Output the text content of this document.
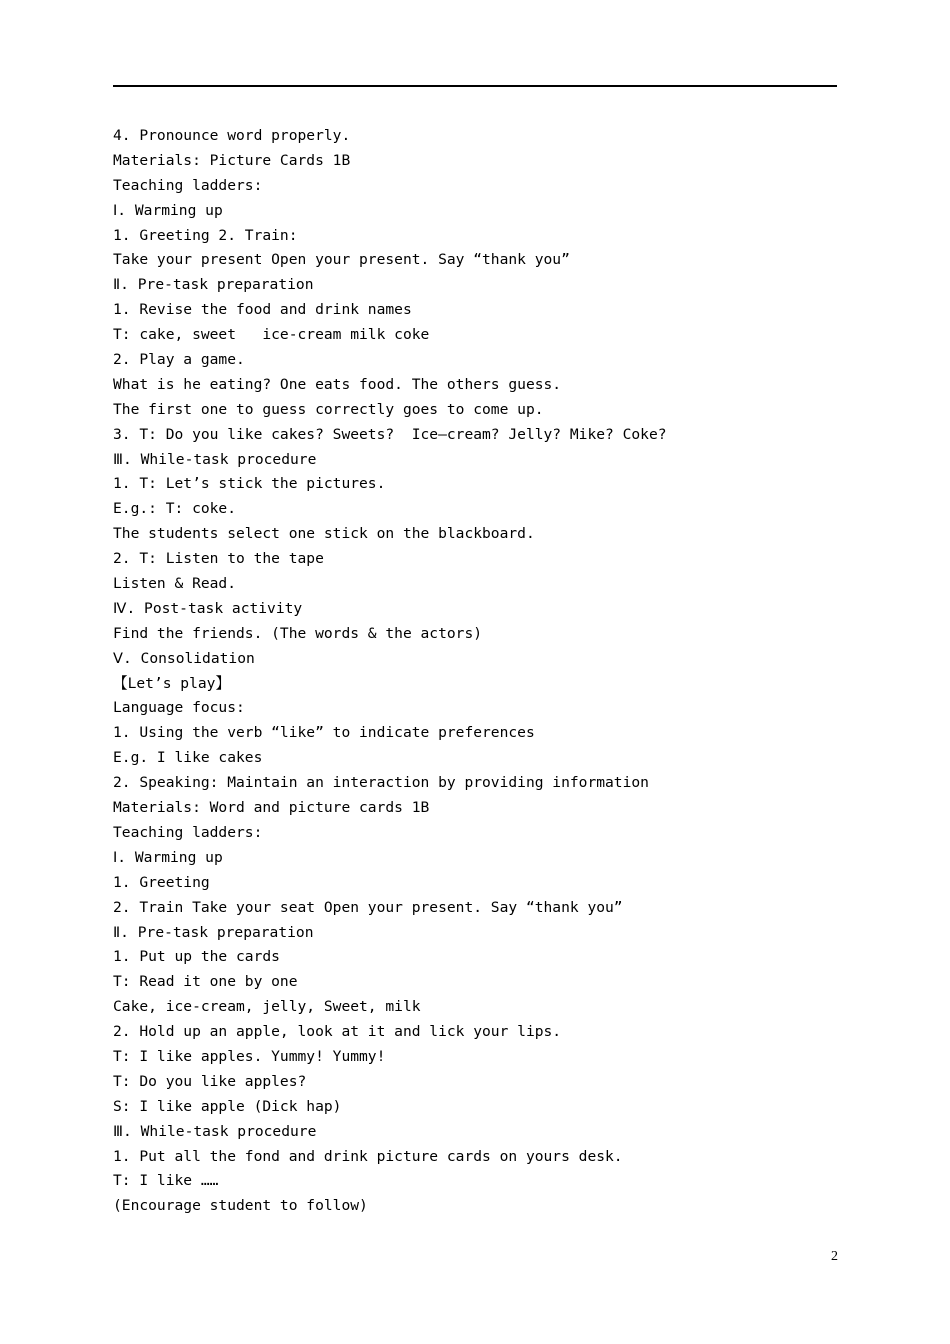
4. Pronounce word properly.
Materials: Picture Cards 1B
Teaching ladders:
Ⅰ. Warming up
1. Greeting 2. Train:
Take your present Open your present. Say “thank you”
Ⅱ. Pre-task preparation
1. Revise the food and drink names
T: cake, sweet   ice-cream milk coke
2. Play a game.
What is he eating? One eats food. The others guess.
The first one to guess correctly goes to come up.
3. T: Do you like cakes? Sweets?  Ice—cream? Jelly? Mike? Coke?
Ⅲ. While-task procedure
1. T: Let’s stick the pictures.
E.g.: T: coke.
The students select one stick on the blackboard.
2. T: Listen to the tape
Listen & Read.
Ⅳ. Post-task activity
Find the friends. (The words & the actors)
Ⅴ. Consolidation
【Let’s play】
Language focus:
1. Using the verb “like” to indicate preferences
E.g. I like cakes
2. Speaking: Maintain an interaction by providing information
Materials: Word and picture cards 1B
Teaching ladders:
Ⅰ. Warming up
1. Greeting
2. Train Take your seat Open your present. Say “thank you”
Ⅱ. Pre-task preparation
1. Put up the cards
T: Read it one by one
Cake, ice-cream, jelly, Sweet, milk
2. Hold up an apple, look at it and lick your lips.
T: I like apples. Yummy! Yummy!
T: Do you like apples?
S: I like apple (Dick hap)
Ⅲ. While-task procedure
1. Put all the fond and drink picture cards on yours desk.
T: I like ……
(Encourage student to follow)
2
